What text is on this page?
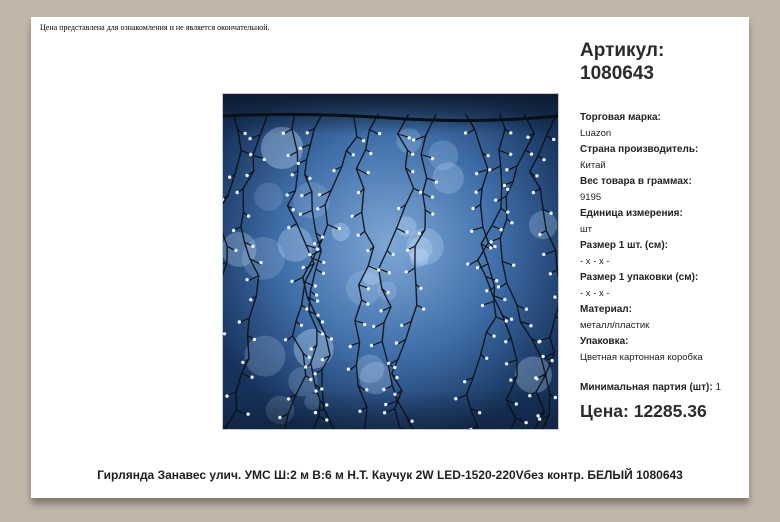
Цена представлена для ознакомления и не является окончательной.
Артикул:
1080643
Торговая марка:
Luazon
Страна производитель:
Китай
Вес товара в граммах:
9195
Единица измерения:
шт
Размер 1 шт. (см):
- x - x -
Размер 1 упаковки (см):
- x - x -
Материал:
металл/пластик
Упаковка:
Цветная картонная коробка
Минимальная партия (шт): 1
Цена: 12285.36
Гирлянда Занавес улич. УМС Ш:2 м В:6 м Н.Т. Каучук 2W LED-1520-220Vбез контр. БЕЛЫЙ 1080643
